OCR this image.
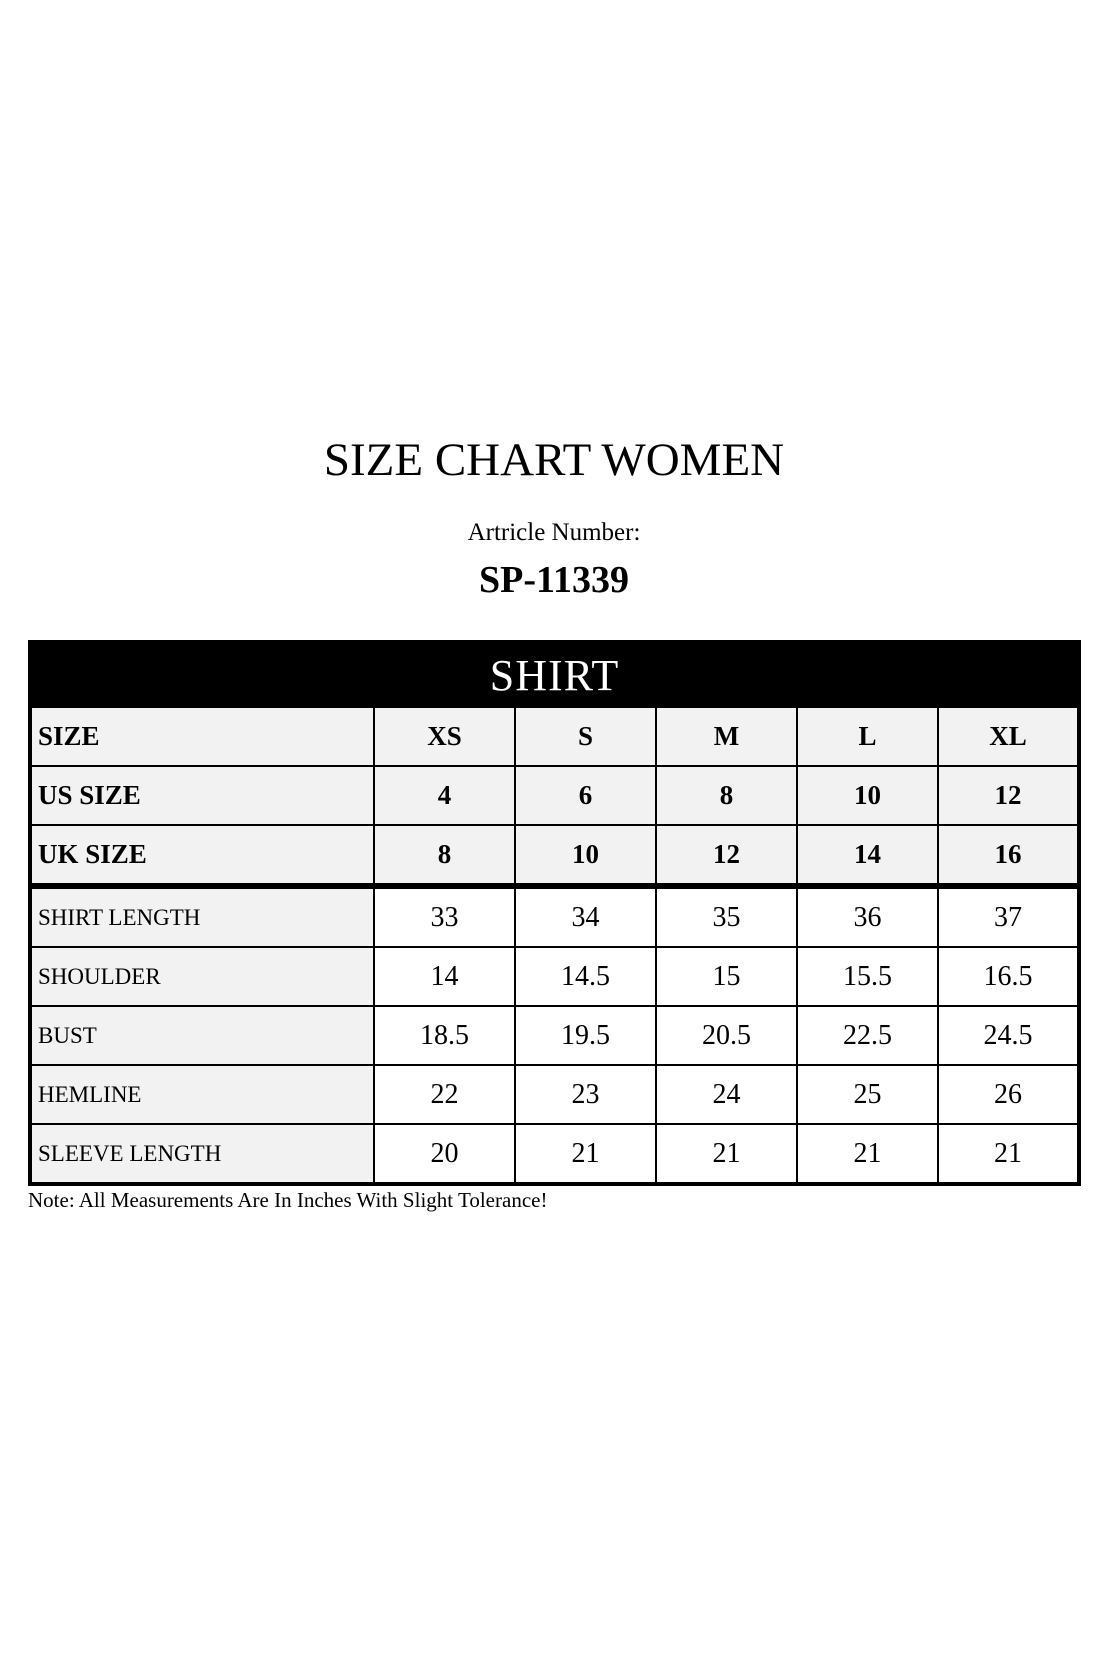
SIZE CHART WOMEN
Artricle Number:
SP-11339
SHIRT					
SIZE	XS	S	M	L	XL
US SIZE	4	6	8	10	12
UK SIZE	8	10	12	14	16
SHIRT LENGTH	33	34	35	36	37
SHOULDER	14	14.5	15	15.5	16.5
BUST	18.5	19.5	20.5	22.5	24.5
HEMLINE	22	23	24	25	26
SLEEVE LENGTH	20	21	21	21	21
Note: All Measurements Are In Inches With Slight Tolerance!
